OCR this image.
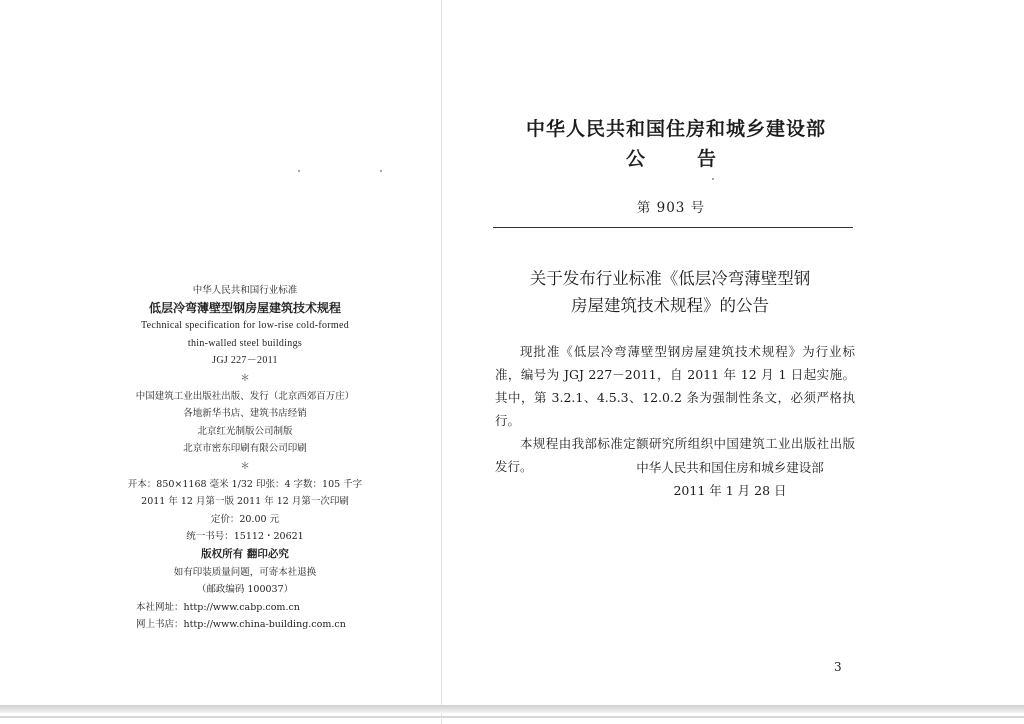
中华人民共和国行业标准
低层冷弯薄壁型钢房屋建筑技术规程
Technical specification for low-rise cold-formed
thin-walled steel buildings
JGJ 227－2011
＊
中国建筑工业出版社出版、发行（北京西郊百万庄）
各地新华书店、建筑书店经销
北京红光制版公司制版
北京市密东印刷有限公司印刷
＊
开本：850×1168 毫米 1/32 印张：4 字数：105 千字
2011 年 12 月第一版 2011 年 12 月第一次印刷
定价：20.00 元
统一书号：15112・20621
版权所有 翻印必究
如有印装质量问题，可寄本社退换
（邮政编码 100037）
本社网址：http://www.cabp.com.cn
网上书店：http://www.china-building.com.cn
中华人民共和国住房和城乡建设部
公告
第 903 号
关于发布行业标准《低层冷弯薄壁型钢
房屋建筑技术规程》的公告

现批准《低层冷弯薄壁型钢房屋建筑技术规程》为行业标准，编号为 JGJ 227－2011，自 2011 年 12 月 1 日起实施。其中，第 3.2.1、4.5.3、12.0.2 条为强制性条文，必须严格执行。

本规程由我部标准定额研究所组织中国建筑工业出版社出版发行。	中华人民共和国住房和城乡建设部
2011 年 1 月 28 日
3
